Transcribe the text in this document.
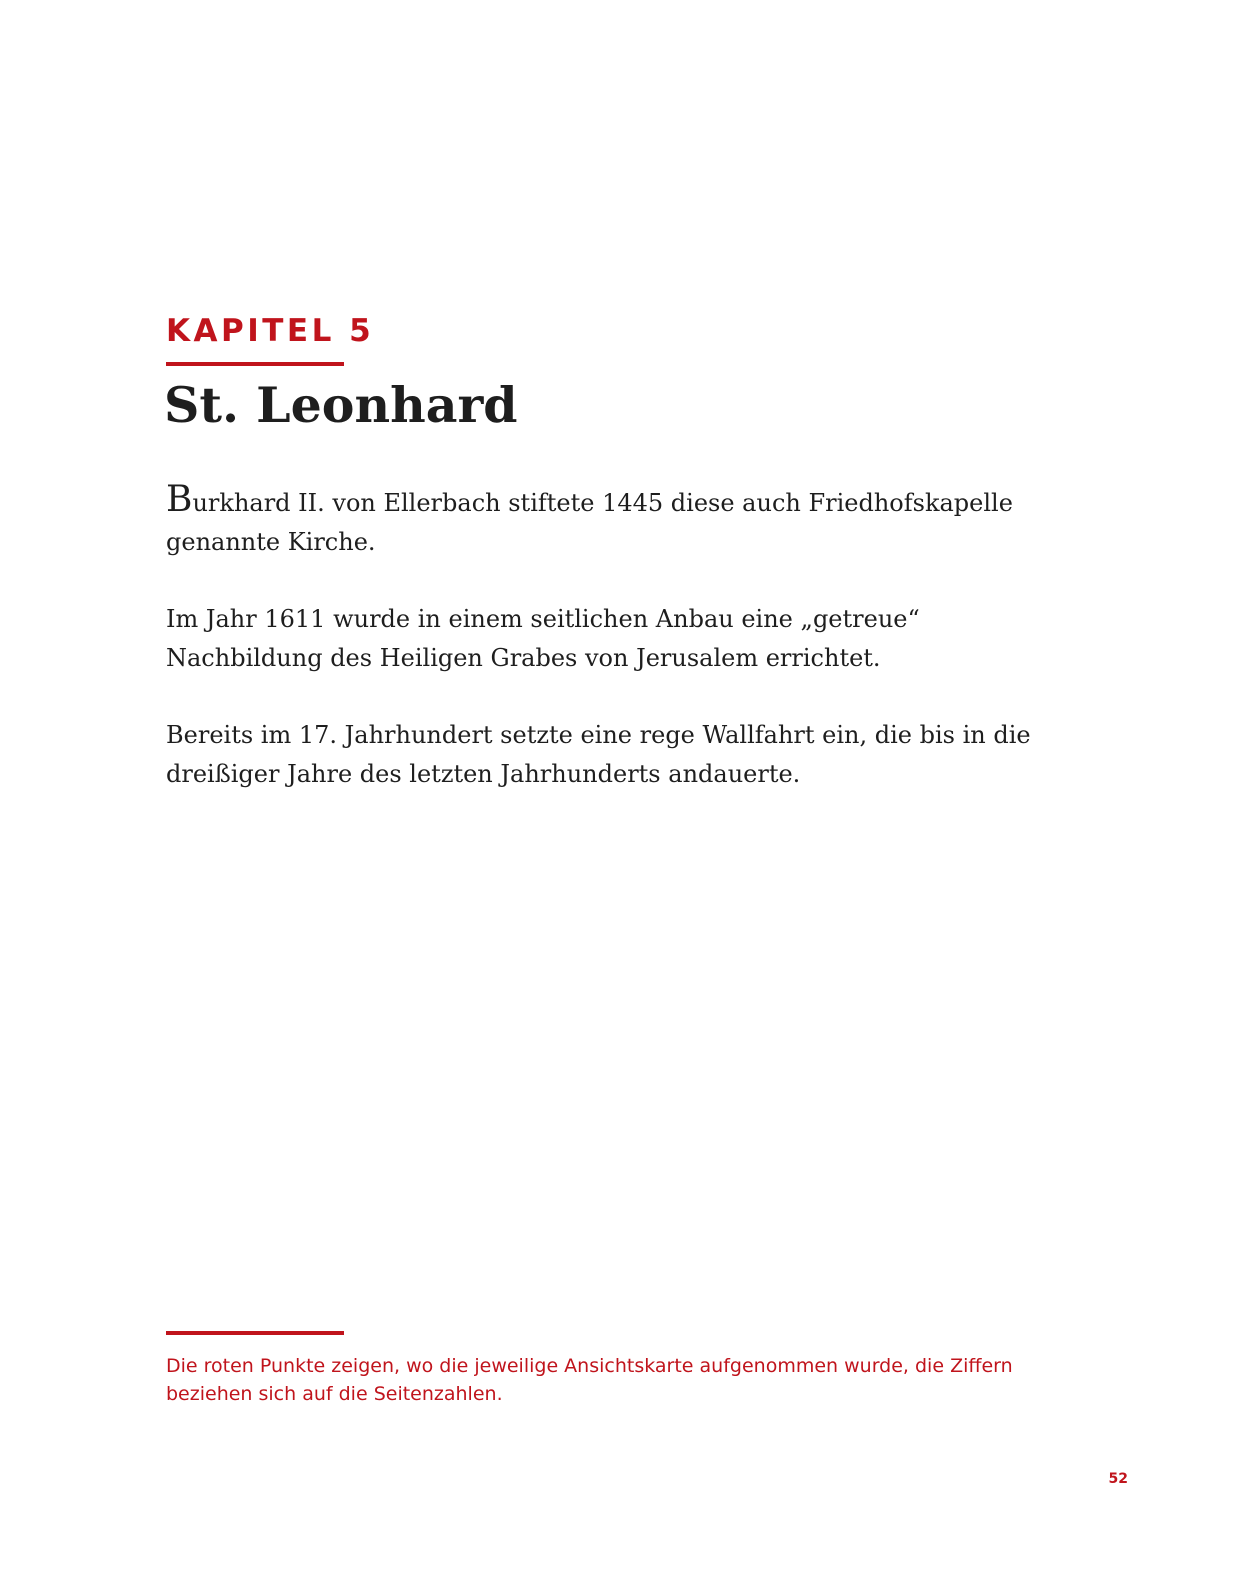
KAPITEL 5

St. Leonhard

Burkhard II. von Ellerbach stiftete 1445 diese auch Friedhofskapelle genannte Kirche.

Im Jahr 1611 wurde in einem seitlichen Anbau eine „getreue“ Nachbildung des Heiligen Grabes von Jerusalem errichtet.

Bereits im 17. Jahrhundert setzte eine rege Wallfahrt ein, die bis in die dreißiger Jahre des letzten Jahrhunderts andauerte.

Die roten Punkte zeigen, wo die jeweilige Ansichtskarte aufgenommen wurde, die Ziffern beziehen sich auf die Seitenzahlen.

52
